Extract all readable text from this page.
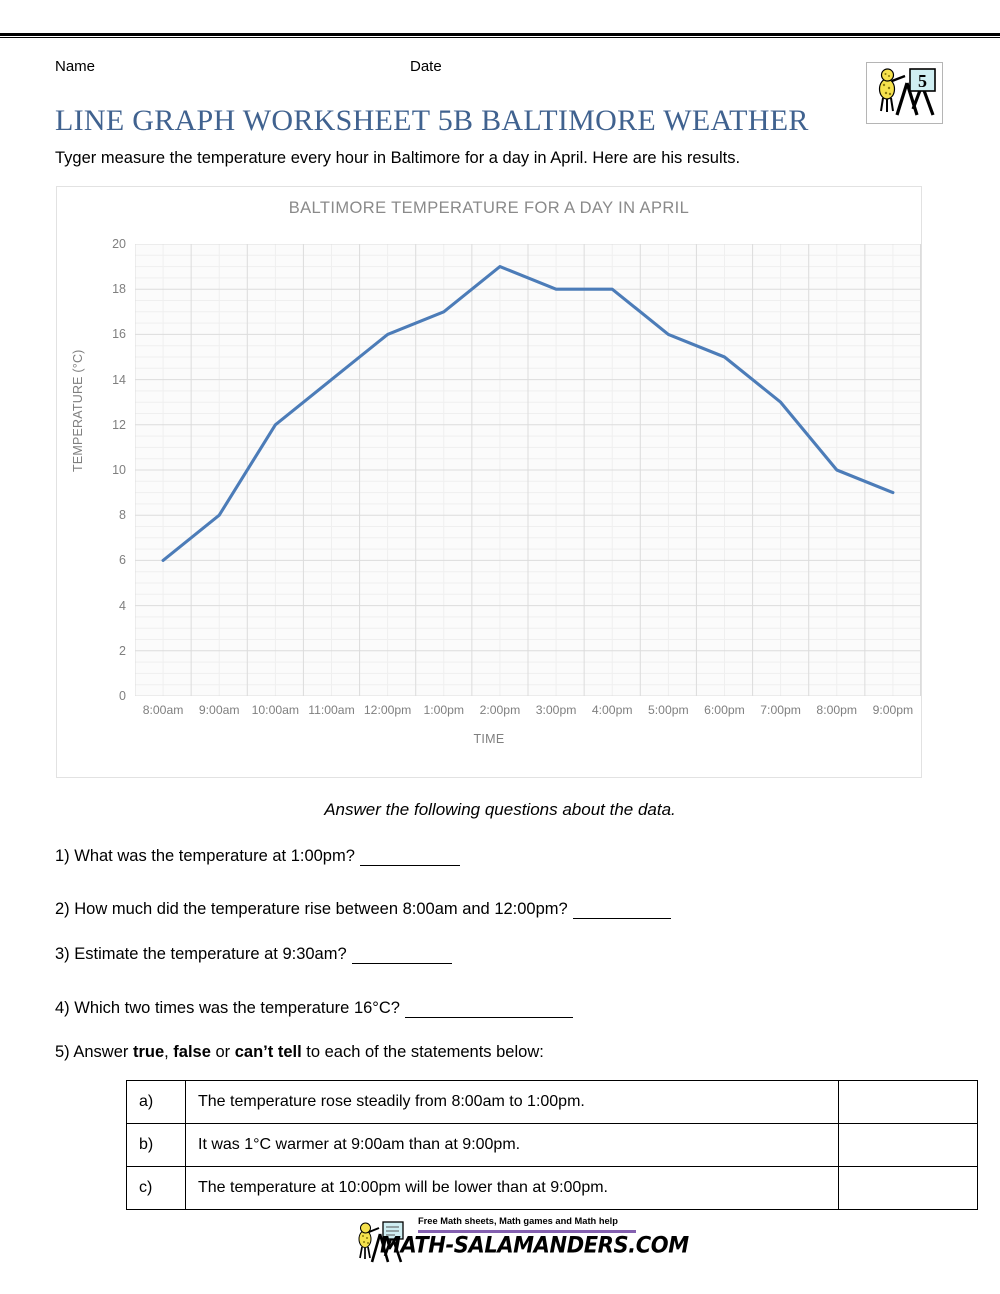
Name	Date
5
LINE GRAPH WORKSHEET 5B BALTIMORE WEATHER
Tyger measure the temperature every hour in Baltimore for a day in April. Here are his results.
BALTIMORE TEMPERATURE FOR A DAY IN APRIL
TEMPERATURE (°C)
20
18
16
14
12
10
8
6
4
2
0
8:00am	9:00am 10:00am 11:00am 12:00pm 1:00pm	2:00pm	3:00pm	4:00pm	5:00pm	6:00pm	7:00pm	8:00pm	9:00pm
TIME
Answer the following questions about the data.
1) What was the temperature at 1:00pm?
2) How much did the temperature rise between 8:00am and 12:00pm?
3) Estimate the temperature at 9:30am?
4) Which two times was the temperature 16°C?
5) Answer true, false or can’t tell to each of the statements below:
a)	The temperature rose steadily from 8:00am to 1:00pm.	
b)	It was 1°C warmer at 9:00am than at 9:00pm.	
c)	The temperature at 10:00pm will be lower than at 9:00pm.	
Free Math sheets, Math games and Math help
MATH-SALAMANDERS.COM
